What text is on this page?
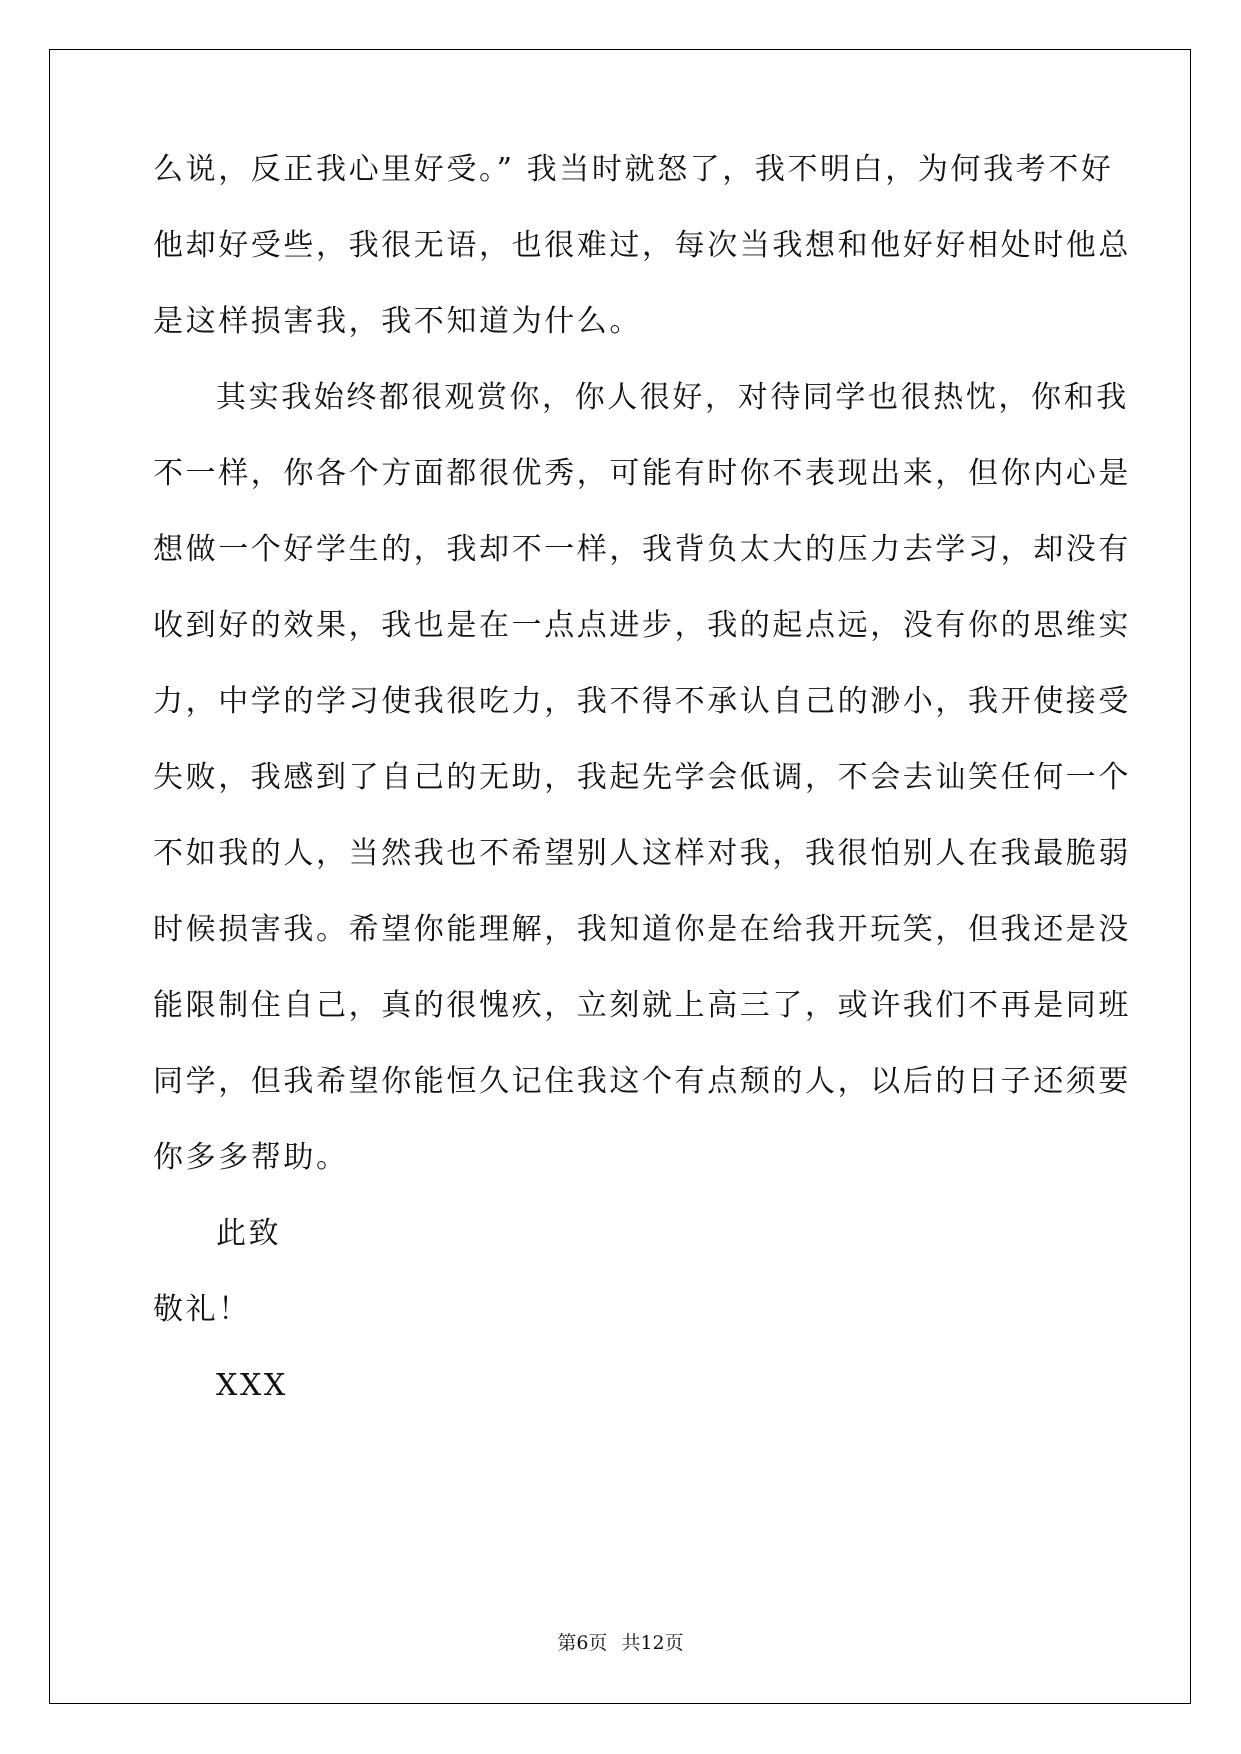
么说，反正我心里好受。” 我当时就怒了，我不明白，为何我考不好
他却好受些，我很无语，也很难过，每次当我想和他好好相处时他总
是这样损害我，我不知道为什么。
其实我始终都很观赏你，你人很好，对待同学也很热忱，你和我
不一样，你各个方面都很优秀，可能有时你不表现出来，但你内心是
想做一个好学生的，我却不一样，我背负太大的压力去学习，却没有
收到好的效果，我也是在一点点进步，我的起点远，没有你的思维实
力，中学的学习使我很吃力，我不得不承认自己的渺小，我开使接受
失败，我感到了自己的无助，我起先学会低调，不会去讪笑任何一个
不如我的人，当然我也不希望别人这样对我，我很怕别人在我最脆弱
时候损害我。希望你能理解，我知道你是在给我开玩笑，但我还是没
能限制住自己，真的很愧疚，立刻就上高三了，或许我们不再是同班
同学，但我希望你能恒久记住我这个有点颓的人，以后的日子还须要
你多多帮助。
此致
敬礼！
XXX
第6页 共12页
